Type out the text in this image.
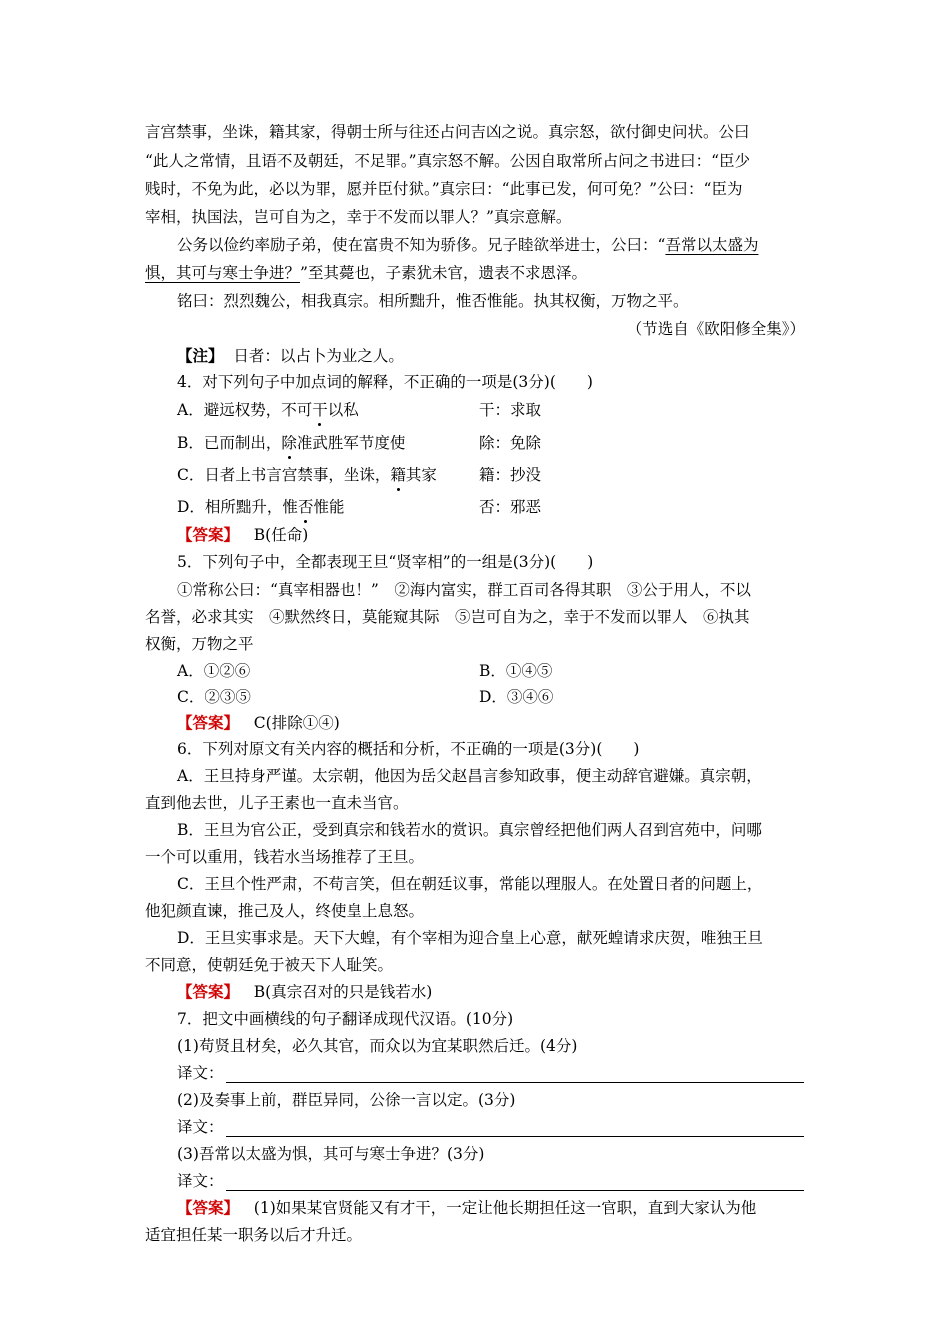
言宫禁事，坐诛，籍其家，得朝士所与往还占问吉凶之说。真宗怒，欲付御史问状。公曰
“此人之常情，且语不及朝廷，不足罪。”真宗怒不解。公因自取常所占问之书进曰：“臣少
贱时，不免为此，必以为罪，愿并臣付狱。”真宗曰：“此事已发，何可免？”公曰：“臣为
宰相，执国法，岂可自为之，幸于不发而以罪人？”真宗意解。
公务以俭约率励子弟，使在富贵不知为骄侈。兄子睦欲举进士，公曰：“吾常以太盛为
惧，其可与寒士争进？”至其薨也，子素犹未官，遗表不求恩泽。
铭曰：烈烈魏公，相我真宗。相所黜升，惟否惟能。执其权衡，万物之平。
（节选自《欧阳修全集》）
【注】 日者：以占卜为业之人。
4．对下列句子中加点词的解释，不正确的一项是(3分)(　　)
A．避远权势，不可干以私	干：求取
B．已而制出，除准武胜军节度使	除：免除
C．日者上书言宫禁事，坐诛，籍其家	籍：抄没
D．相所黜升，惟否惟能	否：邪恶
【答案】 B(任命)
5．下列句子中，全都表现王旦“贤宰相”的一组是(3分)(　　)
①常称公曰：“真宰相器也！”　②海内富实，群工百司各得其职　③公于用人，不以
名誉，必求其实　④默然终日，莫能窥其际　⑤岂可自为之，幸于不发而以罪人　⑥执其
权衡，万物之平
A．①②⑥	B．①④⑤
C．②③⑤	D．③④⑥
【答案】 C(排除①④)
6．下列对原文有关内容的概括和分析，不正确的一项是(3分)(　　)
A．王旦持身严谨。太宗朝，他因为岳父赵昌言参知政事，便主动辞官避嫌。真宗朝，
直到他去世，儿子王素也一直未当官。
B．王旦为官公正，受到真宗和钱若水的赏识。真宗曾经把他们两人召到宫苑中，问哪
一个可以重用，钱若水当场推荐了王旦。
C．王旦个性严肃，不苟言笑，但在朝廷议事，常能以理服人。在处置日者的问题上，
他犯颜直谏，推己及人，终使皇上息怒。
D．王旦实事求是。天下大蝗，有个宰相为迎合皇上心意，献死蝗请求庆贺，唯独王旦
不同意，使朝廷免于被天下人耻笑。
【答案】 B(真宗召对的只是钱若水)
7．把文中画横线的句子翻译成现代汉语。(10分)
(1)苟贤且材矣，必久其官，而众以为宜某职然后迁。(4分)
译文：
(2)及奏事上前，群臣异同，公徐一言以定。(3分)
译文：
(3)吾常以太盛为惧，其可与寒士争进？(3分)
译文：
【答案】 (1)如果某官贤能又有才干，一定让他长期担任这一官职，直到大家认为他
适宜担任某一职务以后才升迁。
